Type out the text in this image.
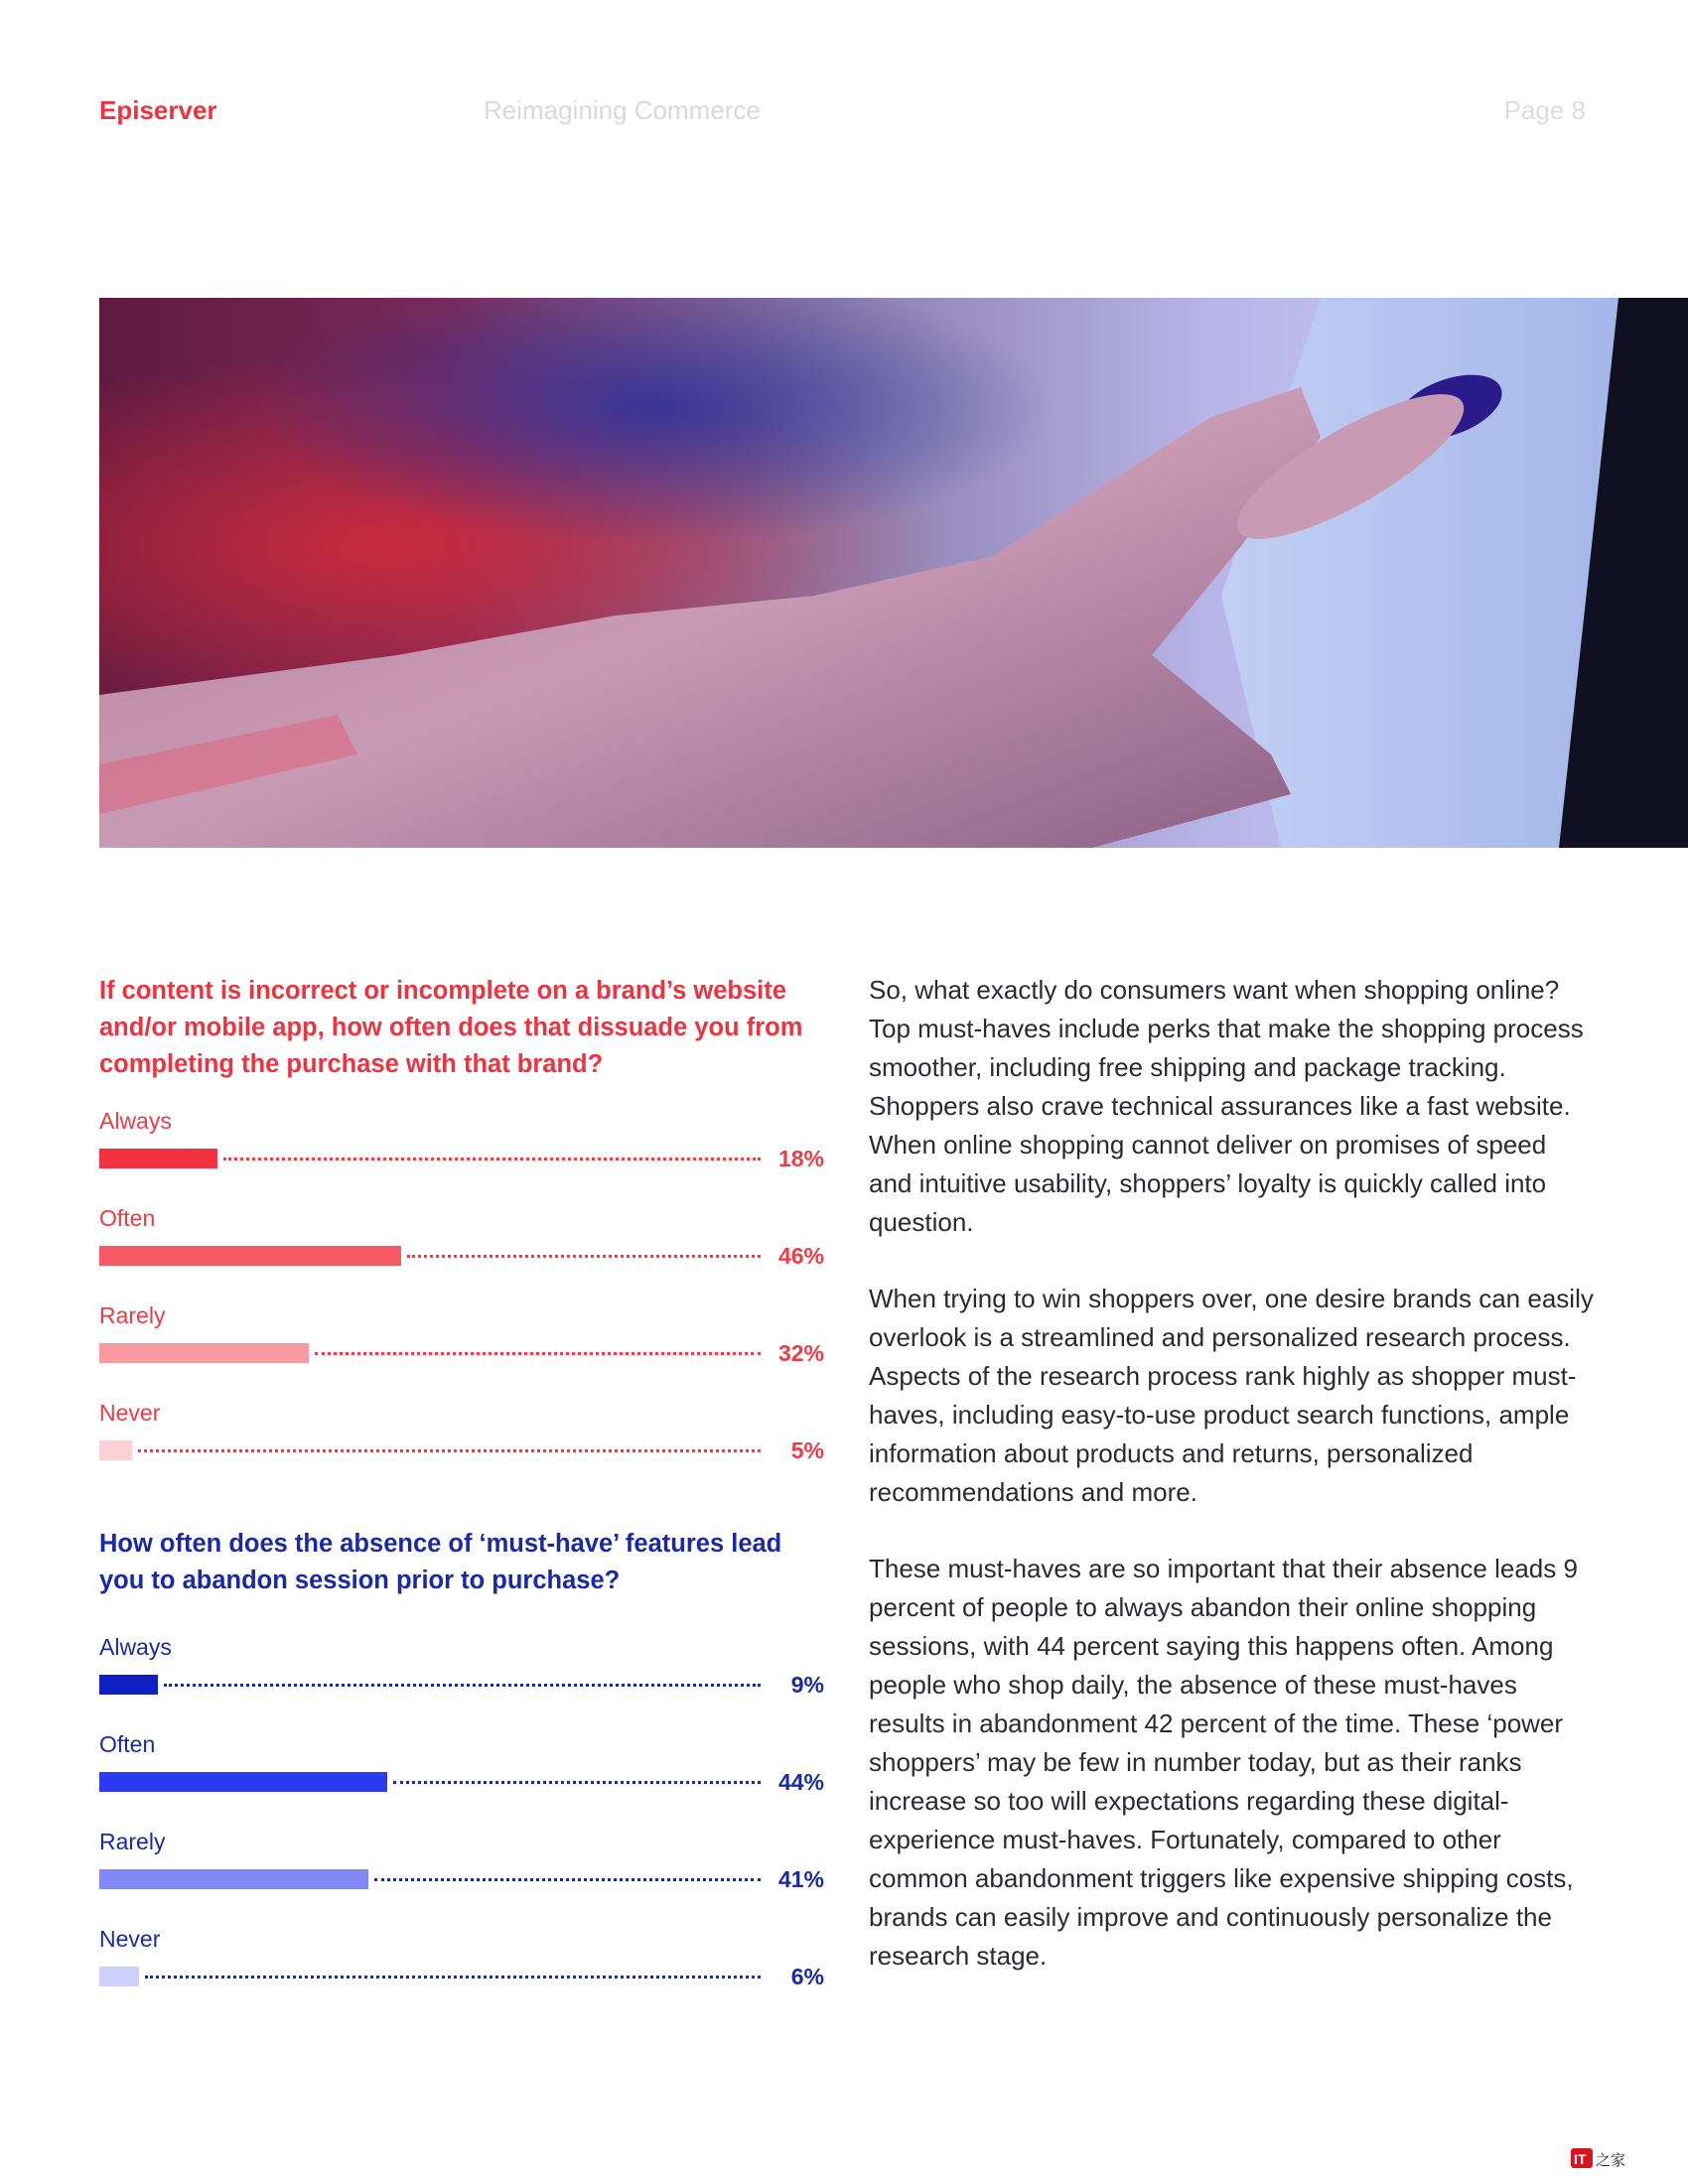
Episerver	Reimagining Commerce	Page 8
If content is incorrect or incomplete on a brand’s website and/or mobile app, how often does that dissuade you from completing the purchase with that brand?
Always
18%
Often
46%
Rarely
32%
Never
5%
How often does the absence of ‘must-have’ features lead you to abandon session prior to purchase?
Always
9%
Often
44%
Rarely
41%
Never
6%

So, what exactly do consumers want when shopping online? Top must-haves include perks that make the shopping process smoother, including free shipping and package tracking. Shoppers also crave technical assurances like a fast website. When online shopping cannot deliver on promises of speed and intuitive usability, shoppers’ loyalty is quickly called into question.

When trying to win shoppers over, one desire brands can easily overlook is a streamlined and personalized research process. Aspects of the research process rank highly as shopper must-haves, including easy-to-use product search functions, ample information about products and returns, personalized recommendations and more.

These must-haves are so important that their absence leads 9 percent of people to always abandon their online shopping sessions, with 44 percent saying this happens often. Among people who shop daily, the absence of these must-haves results in abandonment 42 percent of the time. These ‘power shoppers’ may be few in number today, but as their ranks increase so too will expectations regarding these digital-experience must-haves. Fortunately, compared to other common abandonment triggers like expensive shipping costs, brands can easily improve and continuously personalize the research stage.

IT 之家
